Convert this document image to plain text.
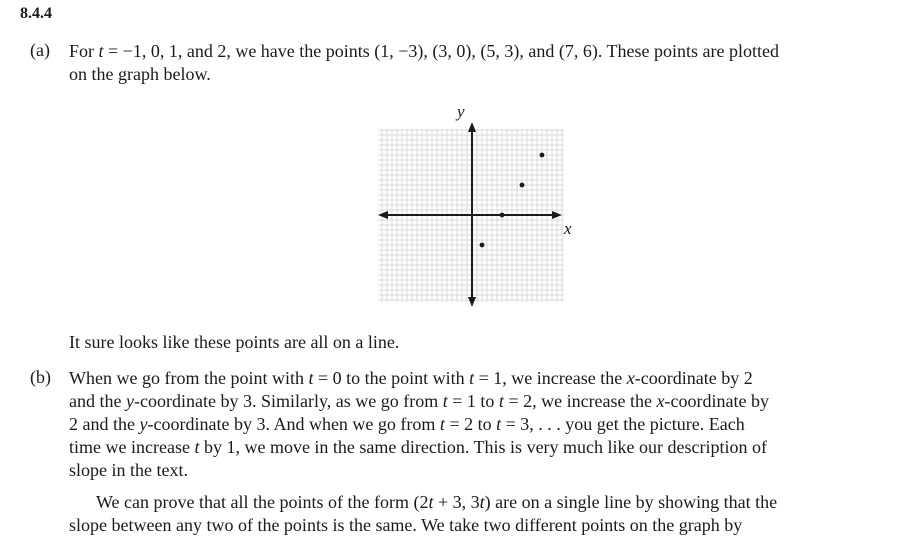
8.4.4
(a) For t = −1, 0, 1, and 2, we have the points (1, −3), (3, 0), (5, 3), and (7, 6). These points are plotted
on the graph below.
x
y
It sure looks like these points are all on a line.
(b) When we go from the point with t = 0 to the point with t = 1, we increase the x-coordinate by 2
and the y-coordinate by 3. Similarly, as we go from t = 1 to t = 2, we increase the x-coordinate by
2 and the y-coordinate by 3. And when we go from t = 2 to t = 3, . . . you get the picture. Each
time we increase t by 1, we move in the same direction. This is very much like our description of
slope in the text.
We can prove that all the points of the form (2t + 3, 3t) are on a single line by showing that the
slope between any two of the points is the same. We take two different points on the graph by
